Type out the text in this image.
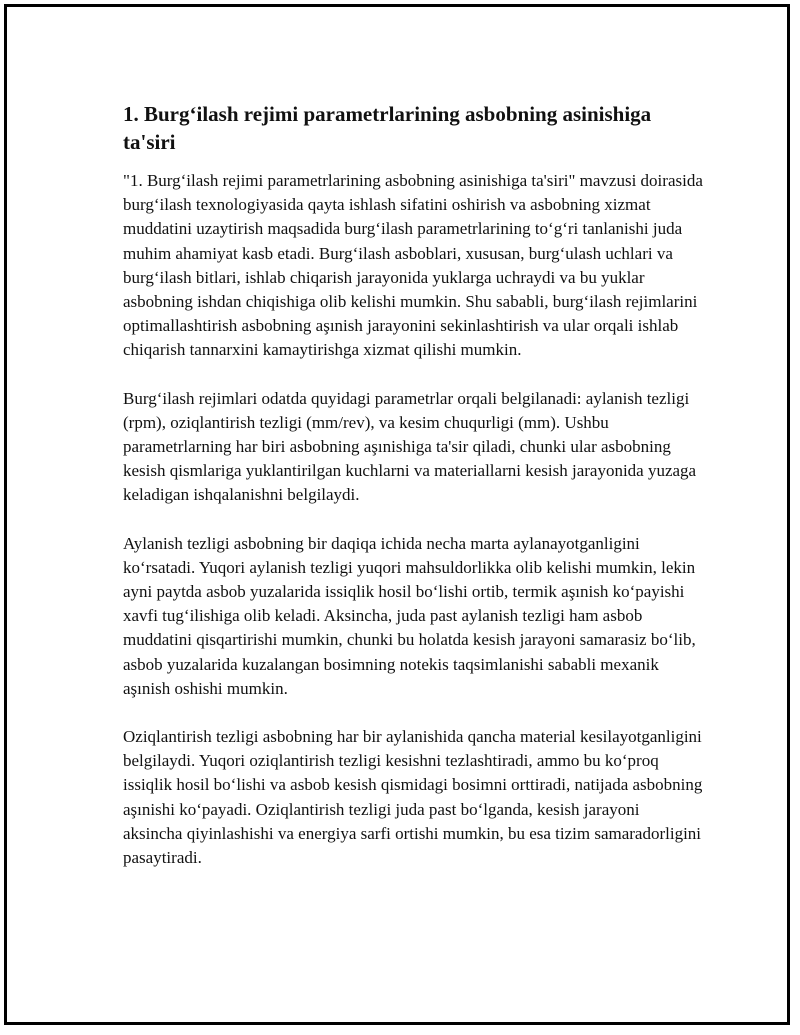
1. Burg‘ilash rejimi parametrlarining asbobning asinishiga ta'siri

"1. Burg‘ilash rejimi parametrlarining asbobning asinishiga ta'siri" mavzusi doirasida burg‘ilash texnologiyasida qayta ishlash sifatini oshirish va asbobning xizmat muddatini uzaytirish maqsadida burg‘ilash parametrlarining to‘g‘ri tanlanishi juda muhim ahamiyat kasb etadi. Burg‘ilash asboblari, xususan, burg‘ulash uchlari va burg‘ilash bitlari, ishlab chiqarish jarayonida yuklarga uchraydi va bu yuklar asbobning ishdan chiqishiga olib kelishi mumkin. Shu sababli, burg‘ilash rejimlarini optimallashtirish asbobning aşınish jarayonini sekinlashtirish va ular orqali ishlab chiqarish tannarxini kamaytirishga xizmat qilishi mumkin.

Burg‘ilash rejimlari odatda quyidagi parametrlar orqali belgilanadi: aylanish tezligi (rpm), oziqlantirish tezligi (mm/rev), va kesim chuqurligi (mm). Ushbu parametrlarning har biri asbobning aşınishiga ta'sir qiladi, chunki ular asbobning kesish qismlariga yuklantirilgan kuchlarni va materiallarni kesish jarayonida yuzaga keladigan ishqalanishni belgilaydi.

Aylanish tezligi asbobning bir daqiqa ichida necha marta aylanayotganligini ko‘rsatadi. Yuqori aylanish tezligi yuqori mahsuldorlikka olib kelishi mumkin, lekin ayni paytda asbob yuzalarida issiqlik hosil bo‘lishi ortib, termik aşınish ko‘payishi xavfi tug‘ilishiga olib keladi. Aksincha, juda past aylanish tezligi ham asbob muddatini qisqartirishi mumkin, chunki bu holatda kesish jarayoni samarasiz bo‘lib, asbob yuzalarida kuzalangan bosimning notekis taqsimlanishi sababli mexanik aşınish oshishi mumkin.

Oziqlantirish tezligi asbobning har bir aylanishida qancha material kesilayotganligini belgilaydi. Yuqori oziqlantirish tezligi kesishni tezlashtiradi, ammo bu ko‘proq issiqlik hosil bo‘lishi va asbob kesish qismidagi bosimni orttiradi, natijada asbobning aşınishi ko‘payadi. Oziqlantirish tezligi juda past bo‘lganda, kesish jarayoni aksincha qiyinlashishi va energiya sarfi ortishi mumkin, bu esa tizim samaradorligini pasaytiradi.
